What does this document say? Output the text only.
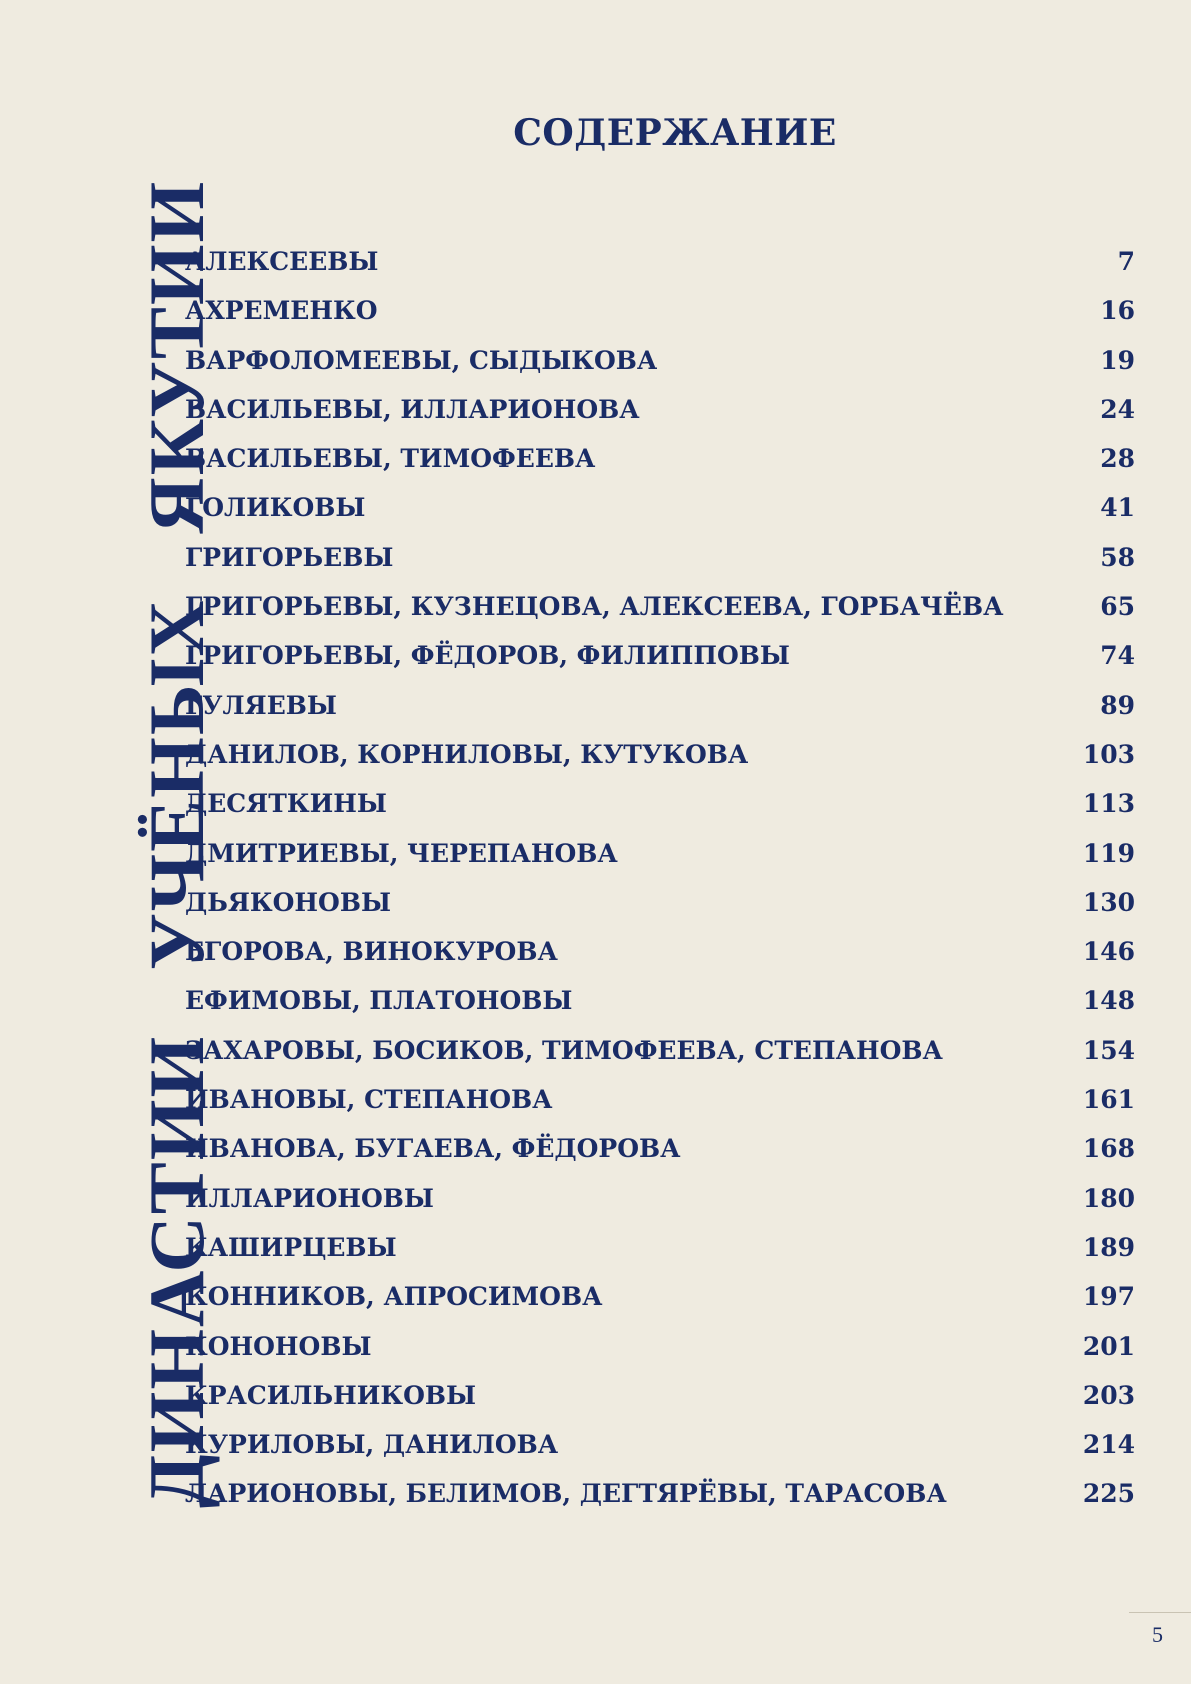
СОДЕРЖАНИЕ
ДИНАСТИИ   УЧЁНЫХ   ЯКУТИИ
АЛЕКСЕЕВЫ	7
АХРЕМЕНКО	16
ВАРФОЛОМЕЕВЫ, СЫДЫКОВА	19
ВАСИЛЬЕВЫ, ИЛЛАРИОНОВА	24
ВАСИЛЬЕВЫ, ТИМОФЕЕВА	28
ГОЛИКОВЫ	41
ГРИГОРЬЕВЫ	58
ГРИГОРЬЕВЫ, КУЗНЕЦОВА, АЛЕКСЕЕВА, ГОРБАЧЁВА	65
ГРИГОРЬЕВЫ, ФЁДОРОВ, ФИЛИППОВЫ	74
ГУЛЯЕВЫ	89
ДАНИЛОВ, КОРНИЛОВЫ, КУТУКОВА	103
ДЕСЯТКИНЫ	113
ДМИТРИЕВЫ, ЧЕРЕПАНОВА	119
ДЬЯКОНОВЫ	130
ЕГОРОВА, ВИНОКУРОВА	146
ЕФИМОВЫ, ПЛАТОНОВЫ	148
ЗАХАРОВЫ, БОСИКОВ, ТИМОФЕЕВА, СТЕПАНОВА	154
ИВАНОВЫ, СТЕПАНОВА	161
ИВАНОВА, БУГАЕВА, ФЁДОРОВА	168
ИЛЛАРИОНОВЫ	180
КАШИРЦЕВЫ	189
КОННИКОВ, АПРОСИМОВА	197
КОНОНОВЫ	201
КРАСИЛЬНИКОВЫ	203
КУРИЛОВЫ, ДАНИЛОВА	214
ЛАРИОНОВЫ, БЕЛИМОВ, ДЕГТЯРЁВЫ, ТАРАСОВА	225
5
